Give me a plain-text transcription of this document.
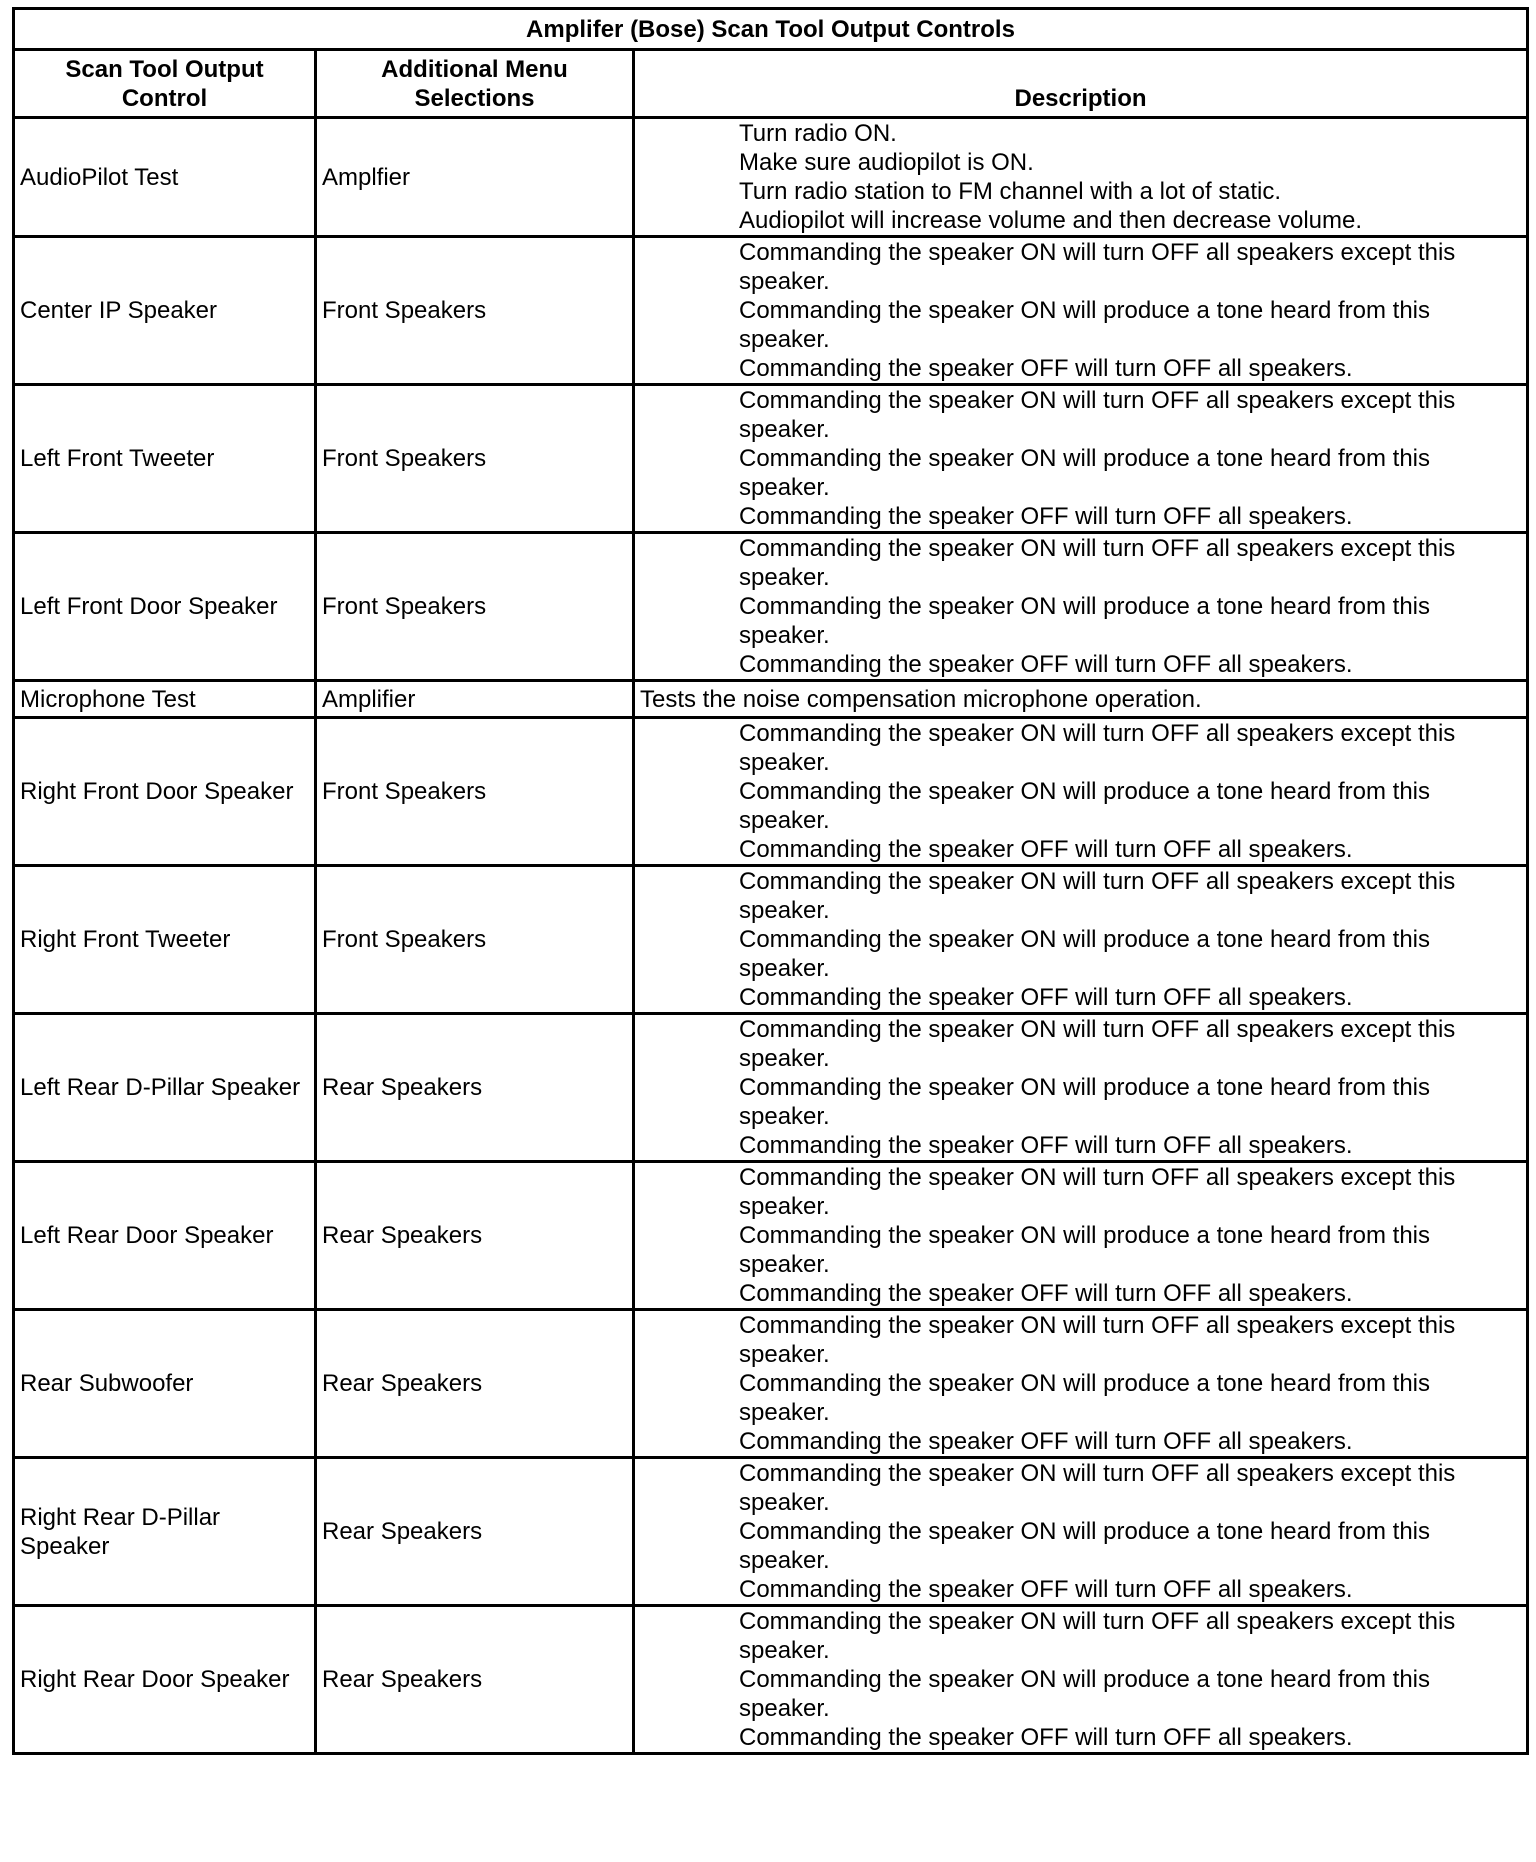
Amplifer (Bose) Scan Tool Output Controls		
Scan Tool Output Control	Additional Menu Selections	Description
AudioPilot Test	Amplfier	Turn radio ON.
Make sure audiopilot is ON.
Turn radio station to FM channel with a lot of static.
Audiopilot will increase volume and then decrease volume.

Center IP Speaker	Front Speakers	Commanding the speaker ON will turn OFF all speakers except this speaker.
Commanding the speaker ON will produce a tone heard from this speaker.
Commanding the speaker OFF will turn OFF all speakers.

Left Front Tweeter	Front Speakers	Commanding the speaker ON will turn OFF all speakers except this speaker.
Commanding the speaker ON will produce a tone heard from this speaker.
Commanding the speaker OFF will turn OFF all speakers.

Left Front Door Speaker	Front Speakers	Commanding the speaker ON will turn OFF all speakers except this speaker.
Commanding the speaker ON will produce a tone heard from this speaker.
Commanding the speaker OFF will turn OFF all speakers.

Microphone Test	Amplifier	Tests the noise compensation microphone operation.

Right Front Door Speaker	Front Speakers	Commanding the speaker ON will turn OFF all speakers except this speaker.
Commanding the speaker ON will produce a tone heard from this speaker.
Commanding the speaker OFF will turn OFF all speakers.

Right Front Tweeter	Front Speakers	Commanding the speaker ON will turn OFF all speakers except this speaker.
Commanding the speaker ON will produce a tone heard from this speaker.
Commanding the speaker OFF will turn OFF all speakers.

Left Rear D-Pillar Speaker	Rear Speakers	Commanding the speaker ON will turn OFF all speakers except this speaker.
Commanding the speaker ON will produce a tone heard from this speaker.
Commanding the speaker OFF will turn OFF all speakers.

Left Rear Door Speaker	Rear Speakers	Commanding the speaker ON will turn OFF all speakers except this speaker.
Commanding the speaker ON will produce a tone heard from this speaker.
Commanding the speaker OFF will turn OFF all speakers.

Rear Subwoofer	Rear Speakers	Commanding the speaker ON will turn OFF all speakers except this speaker.
Commanding the speaker ON will produce a tone heard from this speaker.
Commanding the speaker OFF will turn OFF all speakers.

Right Rear D-Pillar Speaker	Rear Speakers	Commanding the speaker ON will turn OFF all speakers except this speaker.
Commanding the speaker ON will produce a tone heard from this speaker.
Commanding the speaker OFF will turn OFF all speakers.

Right Rear Door Speaker	Rear Speakers	Commanding the speaker ON will turn OFF all speakers except this speaker.
Commanding the speaker ON will produce a tone heard from this speaker.
Commanding the speaker OFF will turn OFF all speakers.
